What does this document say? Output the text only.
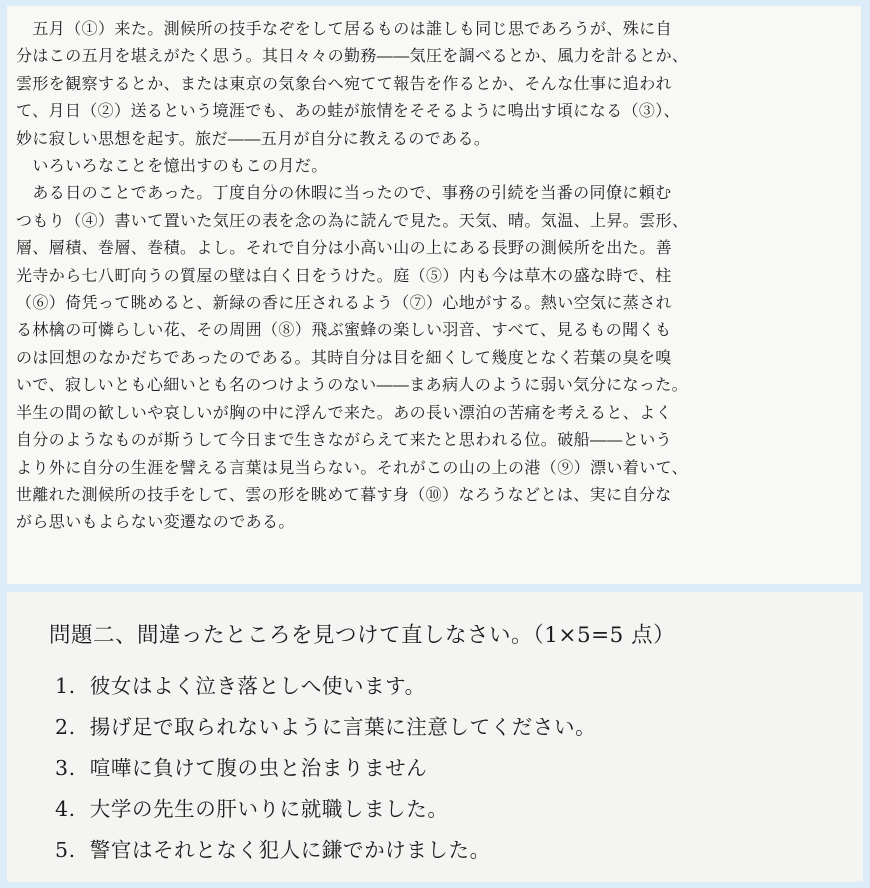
　五月（①）来た。測候所の技手なぞをして居るものは誰しも同じ思であろうが、殊に自
分はこの五月を堪えがたく思う。其日々々の勤務――気圧を調べるとか、風力を計るとか、
雲形を観察するとか、または東京の気象台へ宛てて報告を作るとか、そんな仕事に追われ
て、月日（②）送るという境涯でも、あの蛙が旅情をそそるように鳴出す頃になる（③）、
妙に寂しい思想を起す。旅だ――五月が自分に教えるのである。
　いろいろなことを憶出すのもこの月だ。
　ある日のことであった。丁度自分の休暇に当ったので、事務の引続を当番の同僚に頼む
つもり（④）書いて置いた気圧の表を念の為に読んで見た。天気、晴。気温、上昇。雲形、
層、層積、巻層、巻積。よし。それで自分は小高い山の上にある長野の測候所を出た。善
光寺から七八町向うの質屋の壁は白く日をうけた。庭（⑤）内も今は草木の盛な時で、柱
（⑥）倚凭って眺めると、新緑の香に圧されるよう（⑦）心地がする。熱い空気に蒸され
る林檎の可憐らしい花、その周囲（⑧）飛ぶ蜜蜂の楽しい羽音、すべて、見るもの聞くも
のは回想のなかだちであったのである。其時自分は目を細くして幾度となく若葉の臭を嗅
いで、寂しいとも心細いとも名のつけようのない――まあ病人のように弱い気分になった。
半生の間の歓しいや哀しいが胸の中に浮んで来た。あの長い漂泊の苦痛を考えると、よく
自分のようなものが斯うして今日まで生きながらえて来たと思われる位。破船――という
より外に自分の生涯を譬える言葉は見当らない。それがこの山の上の港（⑨）漂い着いて、
世離れた測候所の技手をして、雲の形を眺めて暮す身（⑩）なろうなどとは、実に自分な
がら思いもよらない変遷なのである。
問題二、間違ったところを見つけて直しなさい。（1×5=5 点）
1. 彼女はよく泣き落としへ使います。
2. 揚げ足で取られないように言葉に注意してください。
3. 喧嘩に負けて腹の虫と治まりません
4. 大学の先生の肝いりに就職しました。
5. 警官はそれとなく犯人に鎌でかけました。
